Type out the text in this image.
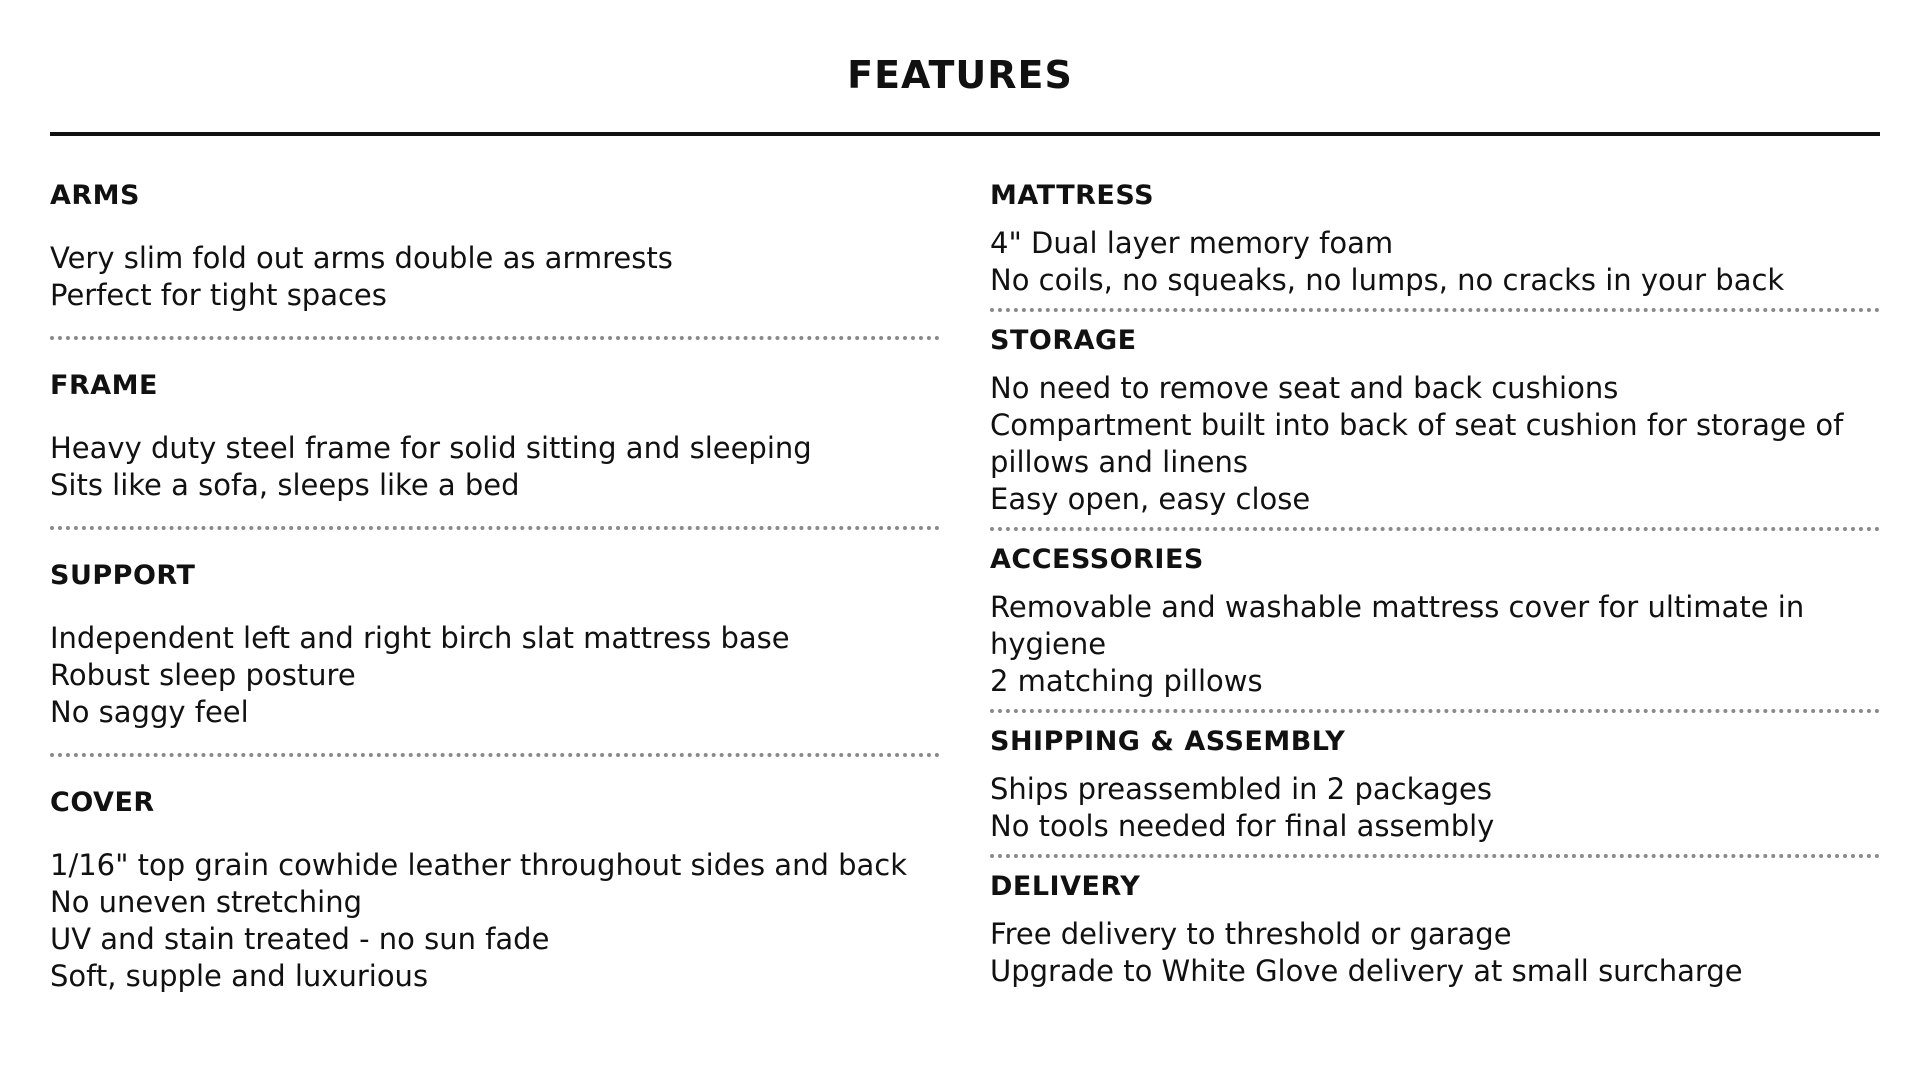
FEATURES
ARMS

Very slim fold out arms double as armrests
Perfect for tight spaces

FRAME

Heavy duty steel frame for solid sitting and sleeping
Sits like a sofa, sleeps like a bed

SUPPORT

Independent left and right birch slat mattress base
Robust sleep posture
No saggy feel

COVER

1/16" top grain cowhide leather throughout sides and back
No uneven stretching
UV and stain treated - no sun fade
Soft, supple and luxurious

MATTRESS

4" Dual layer memory foam
No coils, no squeaks, no lumps, no cracks in your back

STORAGE

No need to remove seat and back cushions
Compartment built into back of seat cushion for storage of
pillows and linens
Easy open, easy close

ACCESSORIES

Removable and washable mattress cover for ultimate in
hygiene
2 matching pillows

SHIPPING & ASSEMBLY

Ships preassembled in 2 packages
No tools needed for final assembly

DELIVERY

Free delivery to threshold or garage
Upgrade to White Glove delivery at small surcharge
